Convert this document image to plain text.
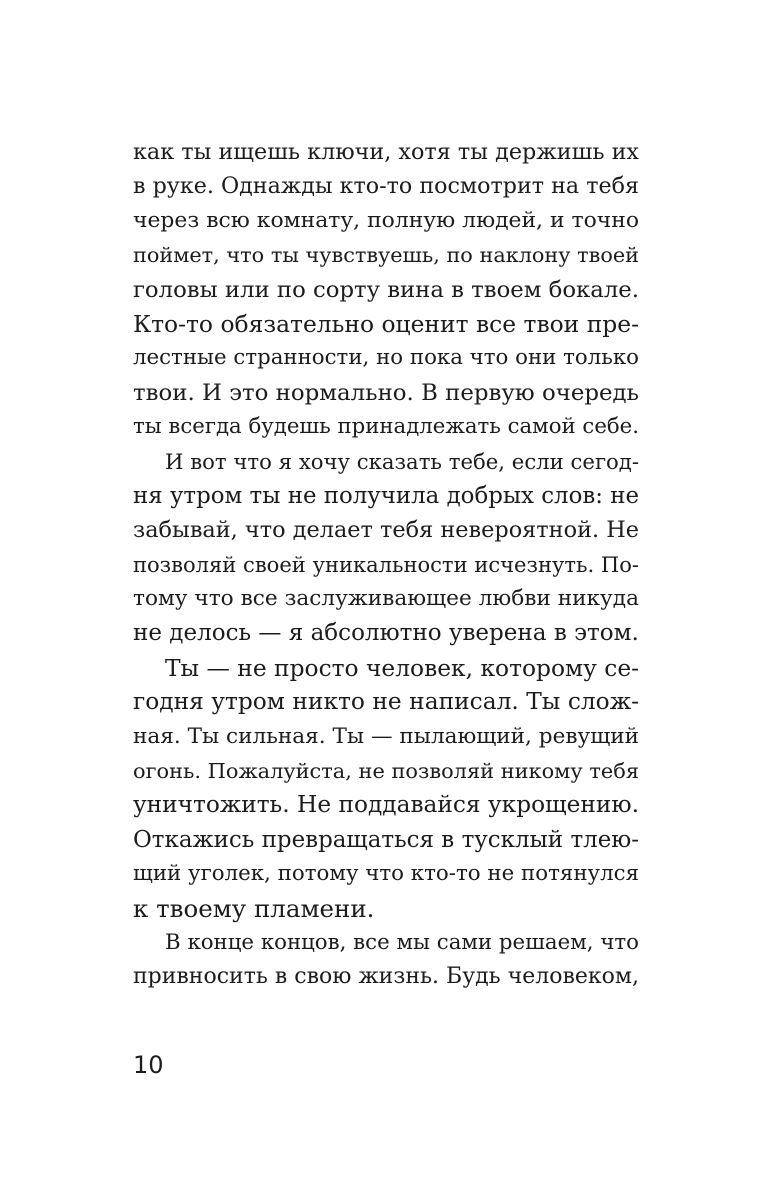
как ты ищешь ключи, хотя ты держишь их
в руке. Однажды кто-то посмотрит на тебя
через всю комнату, полную людей, и точно
поймет, что ты чувствуешь, по наклону твоей
головы или по сорту вина в твоем бокале.
Кто-то обязательно оценит все твои пре-
лестные странности, но пока что они только
твои. И это нормально. В первую очередь
ты всегда будешь принадлежать самой себе.
И вот что я хочу сказать тебе, если сегод-
ня утром ты не получила добрых слов: не
забывай, что делает тебя невероятной. Не
позволяй своей уникальности исчезнуть. По-
тому что все заслуживающее любви никуда
не делось — я абсолютно уверена в этом.
Ты — не просто человек, которому се-
годня утром никто не написал. Ты слож-
ная. Ты сильная. Ты — пылающий, ревущий
огонь. Пожалуйста, не позволяй никому тебя
уничтожить. Не поддавайся укрощению.
Откажись превращаться в тусклый тлею-
щий уголек, потому что кто-то не потянулся
к твоему пламени.
В конце концов, все мы сами решаем, что
привносить в свою жизнь. Будь человеком,
10
